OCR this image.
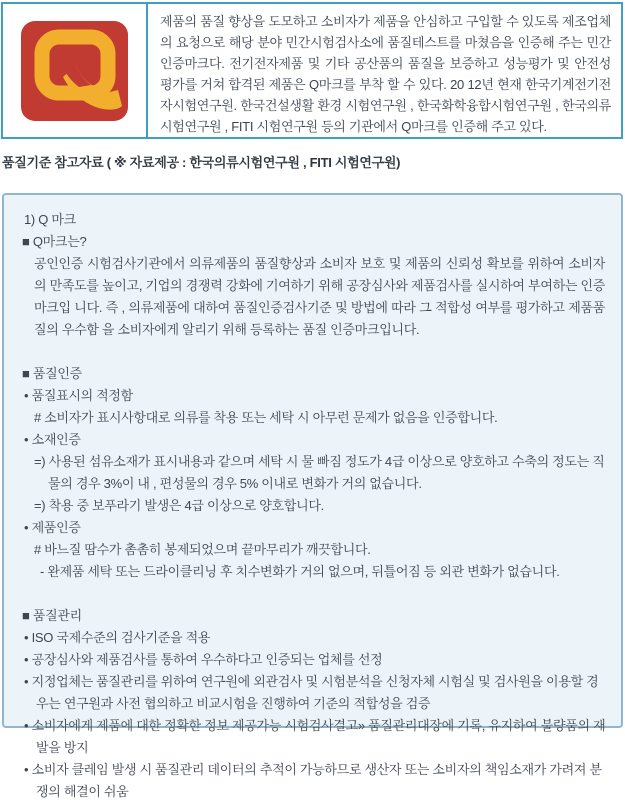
제품의 품질 향상을 도모하고 소비자가 제품을 안심하고 구입할 수 있도록 제조업체의 요청으로 해당 분야 민간시험검사소에 품질테스트를 마쳤음을 인증해 주는 민간인증마크다. 전기전자제품 및 기타 공산품의 품질을 보증하고 성능평가 및 안전성 평가를 거쳐 합격된 제품은 Q마크를 부착 할 수 있다. 20 12년 현재 한국기계전기전자시험연구원. 한국건설생활 환경 시험연구원 , 한국화학융합시험연구원 , 한국의류시험연구원 , FITI 시험연구원 등의 기관에서 Q마크를 인증해 주고 있다.
품질기준 참고자료 ( ※ 자료제공 : 한국의류시험연구원 , FITI 시험연구원)
1) Q 마크
■ Q마크는?
공인인증 시험검사기관에서 의류제품의 품질향상과 소비자 보호 및 제품의 신뢰성 확보를 위하여 소비자의 만족도를 높이고, 기업의 경쟁력 강화에 기여하기 위해 공장심사와 제품검사를 실시하여 부여하는 인증 마크입 니다. 즉 , 의류제품에 대하여 품질인증검사기준 및 방법에 따라 그 적합성 여부를 평가하고 제품품질의 우수함 을 소비자에게 알리기 위해 등록하는 품질 인증마크입니다.
■ 품질인증
• 품질표시의 적정함
# 소비자가 표시사항대로 의류를 착용 또는 세탁 시 아무런 문제가 없음을 인증합니다.
• 소재인증
=) 사용된 섬유소재가 표시내용과 같으며 세탁 시 물 빠짐 정도가 4급 이상으로 양호하고 수축의 정도는 직물의 경우 3%이 내 , 편성물의 경우 5% 이내로 변화가 거의 없습니다.
=) 착용 중 보푸라기 발생은 4급 이상으로 양호합니다.
• 제품인증
# 바느질 땀수가 촘촘히 봉제되었으며 끝마무리가 깨끗합니다.
- 완제품 세탁 또는 드라이클리닝 후 치수변화가 거의 없으며, 뒤틀어짐 등 외관 변화가 없습니다.
■ 품질관리
• ISO 국제수준의 검사기준을 적용
• 공장심사와 제품검사를 통하여 우수하다고 인증되는 업체를 선정
• 지정업체는 품질관리를 위하여 연구원에 외관검사 및 시험분석을 신청자체 시험실 및 검사원을 이용할 경우는 연구원과 사전 협의하고 비교시험을 진행하여 기준의 적합성을 검증
• 소비자에게 제품에 대한 정확한 정보 제공가능 시험검사결고» 품질관리대장에 기록, 유지하여 불량품의 재발을 방지
• 소비자 클레임 발생 시 품질관리 데이터의 추적이 가능하므로 생산자 또는 소비자의 책임소재가 가려져 분쟁의 해결이 쉬움
